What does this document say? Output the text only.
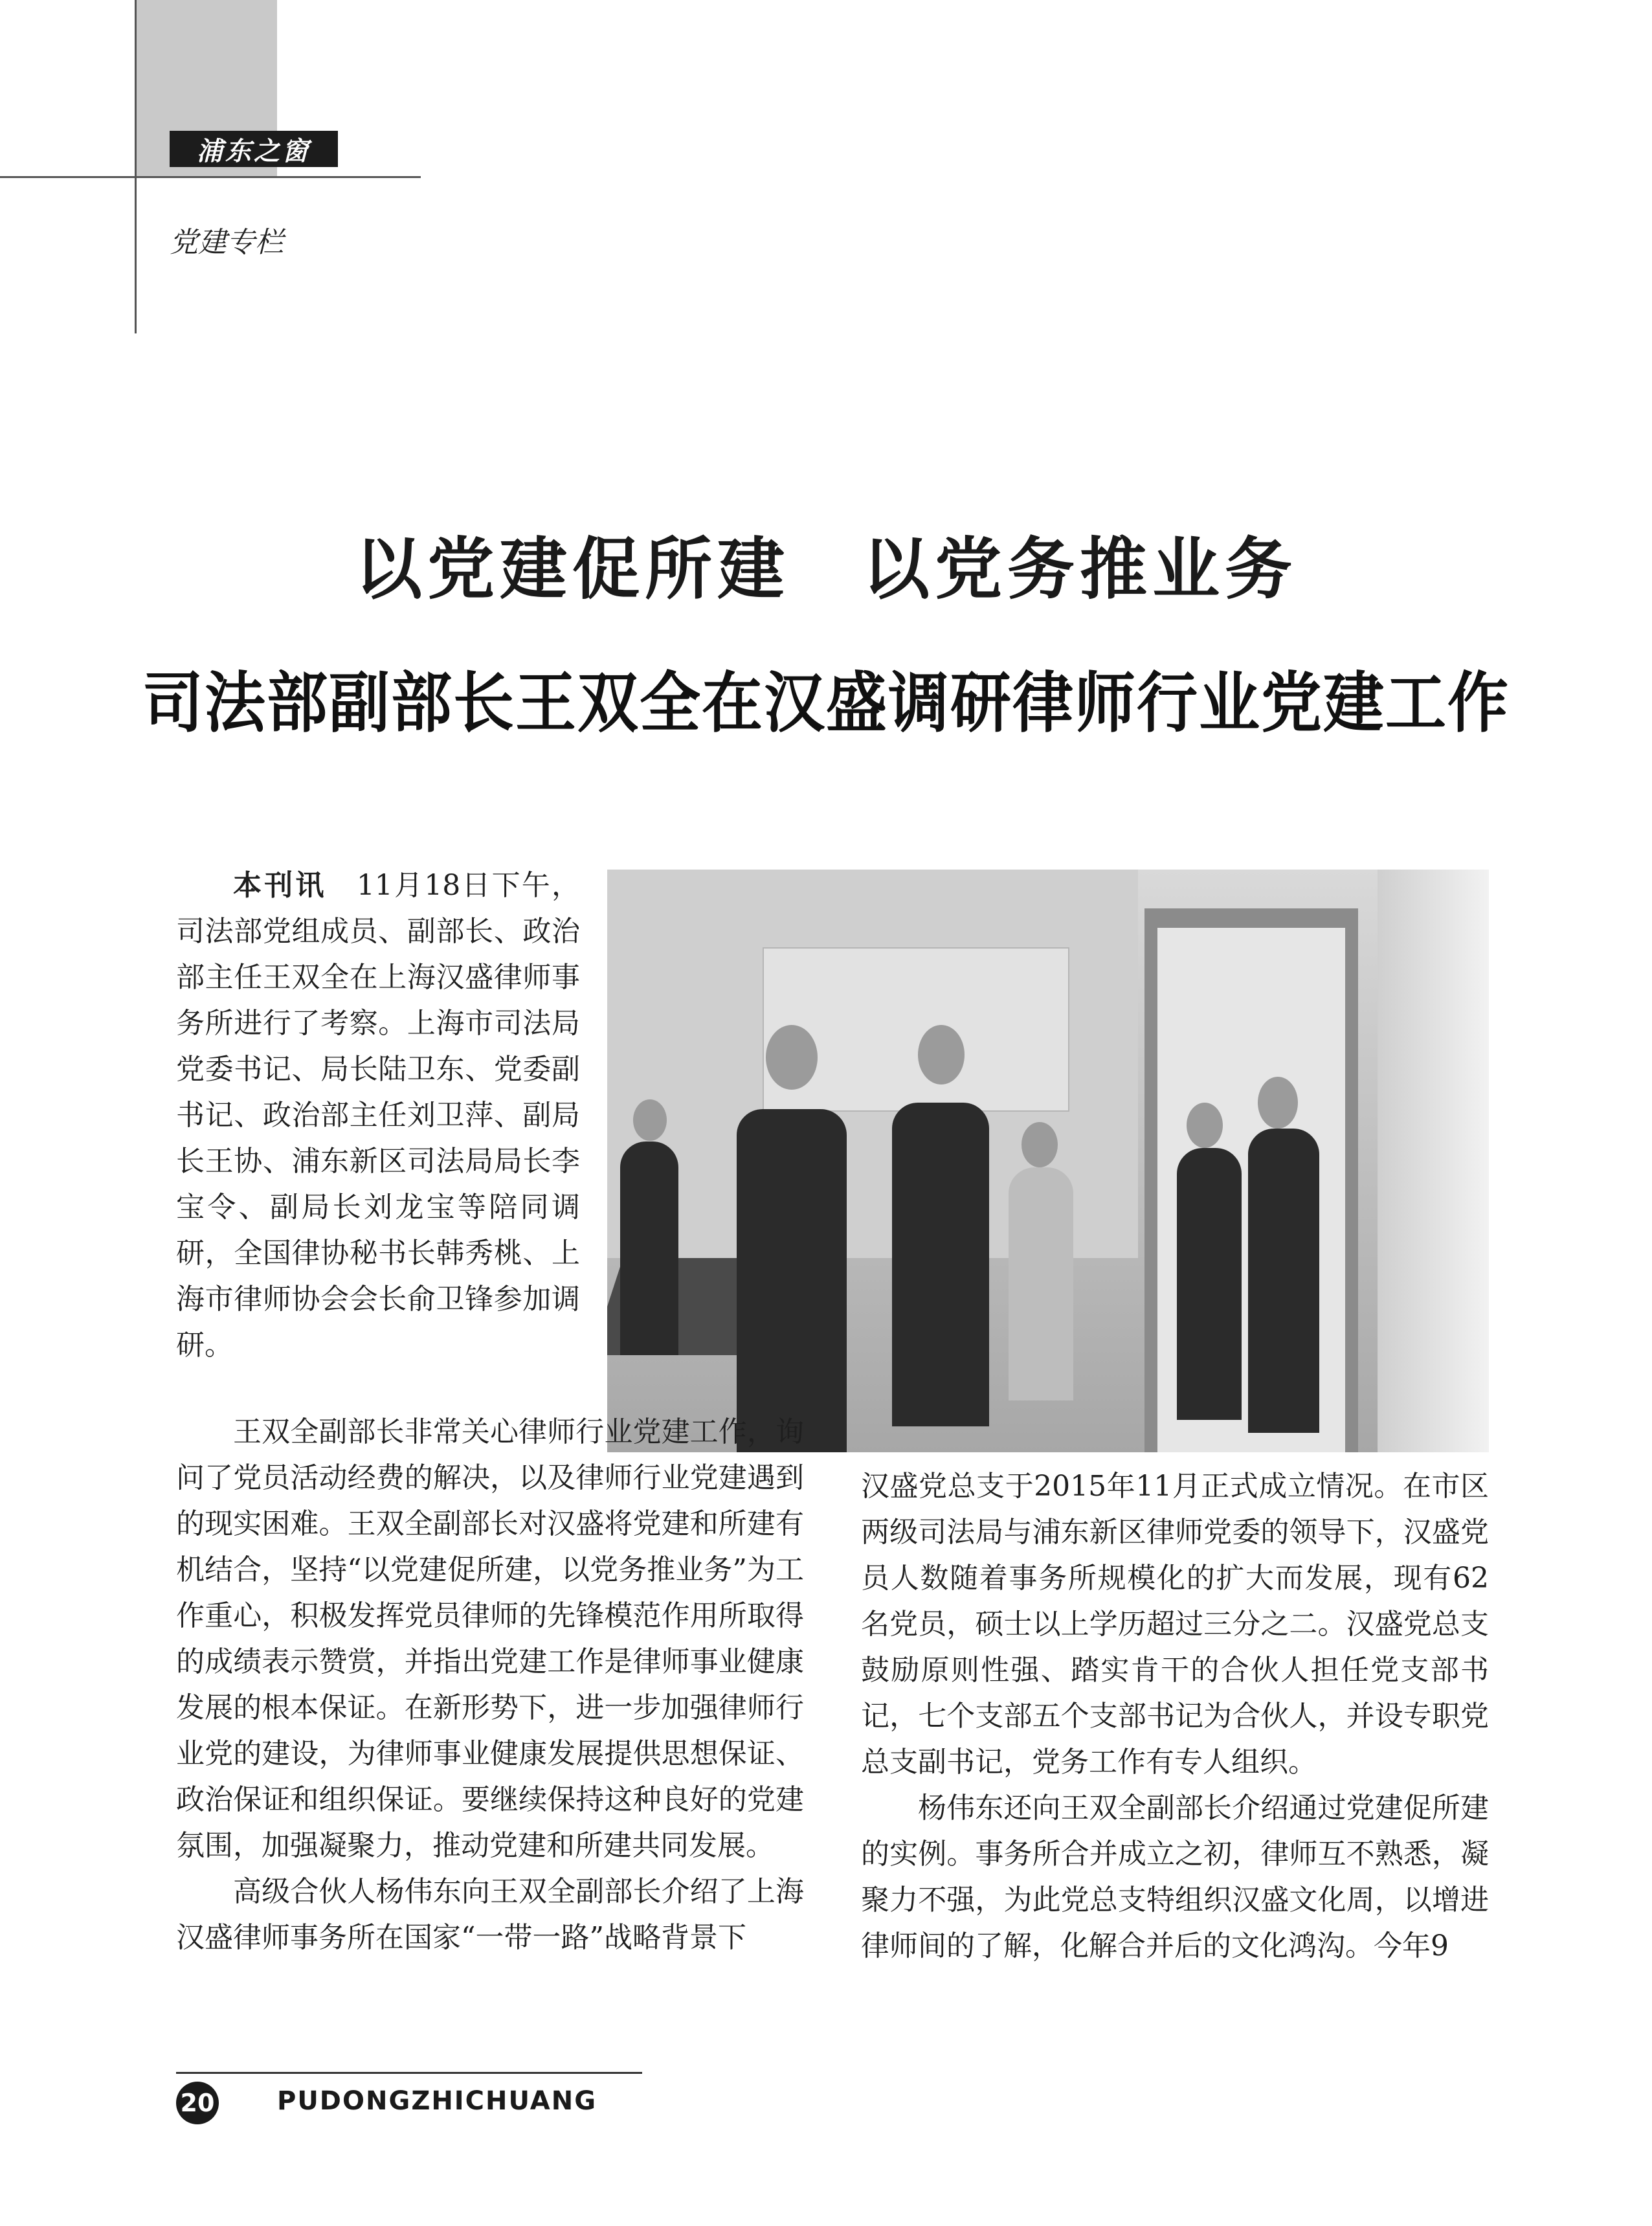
浦东之窗
党建专栏
以党建促所建　以党务推业务
司法部副部长王双全在汉盛调研律师行业党建工作

本刊讯　 11月18日下午，司法部党组成员、副部长、政治部主任王双全在上海汉盛律师事务所进行了考察。上海市司法局党委书记、局长陆卫东、党委副书记、政治部主任刘卫萍、副局长王协、浦东新区司法局局长李宝令、副局长刘龙宝等陪同调研，全国律协秘书长韩秀桃、上海市律师协会会长俞卫锋参加调研。

王双全副部长非常关心律师行业党建工作，询问了党员活动经费的解决，以及律师行业党建遇到的现实困难。王双全副部长对汉盛将党建和所建有机结合，坚持“以党建促所建，以党务推业务”为工作重心，积极发挥党员律师的先锋模范作用所取得的成绩表示赞赏，并指出党建工作是律师事业健康发展的根本保证。在新形势下，进一步加强律师行业党的建设，为律师事业健康发展提供思想保证、政治保证和组织保证。要继续保持这种良好的党建氛围，加强凝聚力，推动党建和所建共同发展。

高级合伙人杨伟东向王双全副部长介绍了上海汉盛律师事务所在国家“一带一路”战略背景下

汉盛党总支于2015年11月正式成立情况。在市区两级司法局与浦东新区律师党委的领导下，汉盛党员人数随着事务所规模化的扩大而发展，现有62名党员，硕士以上学历超过三分之二。汉盛党总支鼓励原则性强、踏实肯干的合伙人担任党支部书记，七个支部五个支部书记为合伙人，并设专职党总支副书记，党务工作有专人组织。

杨伟东还向王双全副部长介绍通过党建促所建的实例。事务所合并成立之初，律师互不熟悉，凝聚力不强，为此党总支特组织汉盛文化周，以增进律师间的了解，化解合并后的文化鸿沟。今年9

20 PUDONGZHICHUANG
